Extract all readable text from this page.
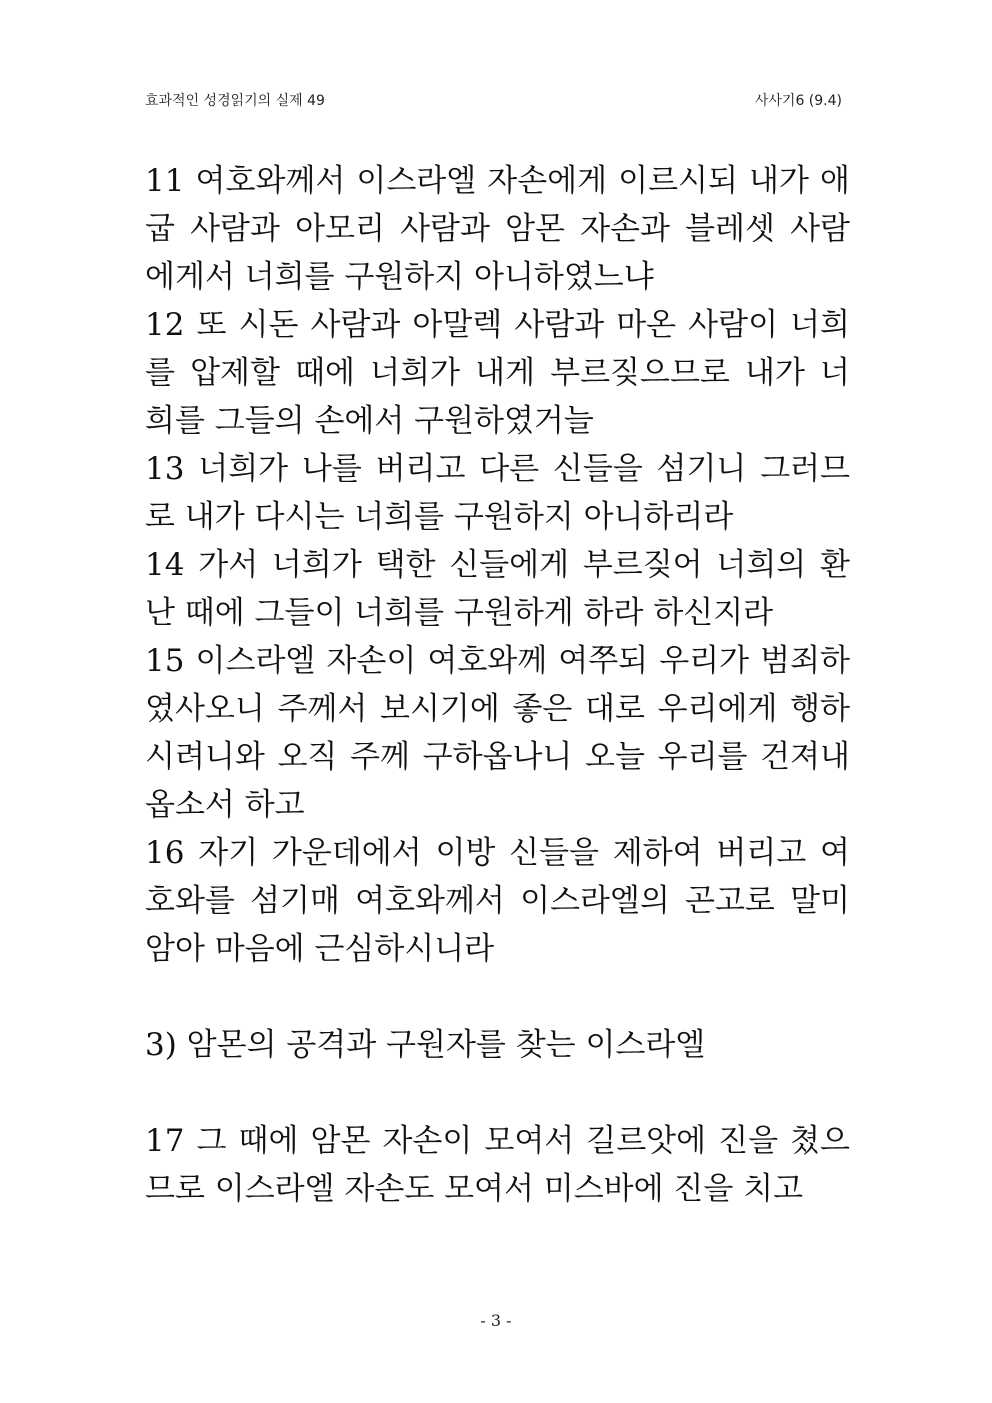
효과적인 성경읽기의 실제 49	사사기6 (9.4)
11 여호와께서 이스라엘 자손에게 이르시되 내가 애
굽 사람과 아모리 사람과 암몬 자손과 블레셋 사람
에게서 너희를 구원하지 아니하였느냐
12 또 시돈 사람과 아말렉 사람과 마온 사람이 너희
를 압제할 때에 너희가 내게 부르짖으므로 내가 너
희를 그들의 손에서 구원하였거늘
13 너희가 나를 버리고 다른 신들을 섬기니 그러므
로 내가 다시는 너희를 구원하지 아니하리라
14 가서 너희가 택한 신들에게 부르짖어 너희의 환
난 때에 그들이 너희를 구원하게 하라 하신지라
15 이스라엘 자손이 여호와께 여쭈되 우리가 범죄하
였사오니 주께서 보시기에 좋은 대로 우리에게 행하
시려니와 오직 주께 구하옵나니 오늘 우리를 건져내
옵소서 하고
16 자기 가운데에서 이방 신들을 제하여 버리고 여
호와를 섬기매 여호와께서 이스라엘의 곤고로 말미
암아 마음에 근심하시니라
3) 암몬의 공격과 구원자를 찾는 이스라엘
17 그 때에 암몬 자손이 모여서 길르앗에 진을 쳤으
므로 이스라엘 자손도 모여서 미스바에 진을 치고
- 3 -
